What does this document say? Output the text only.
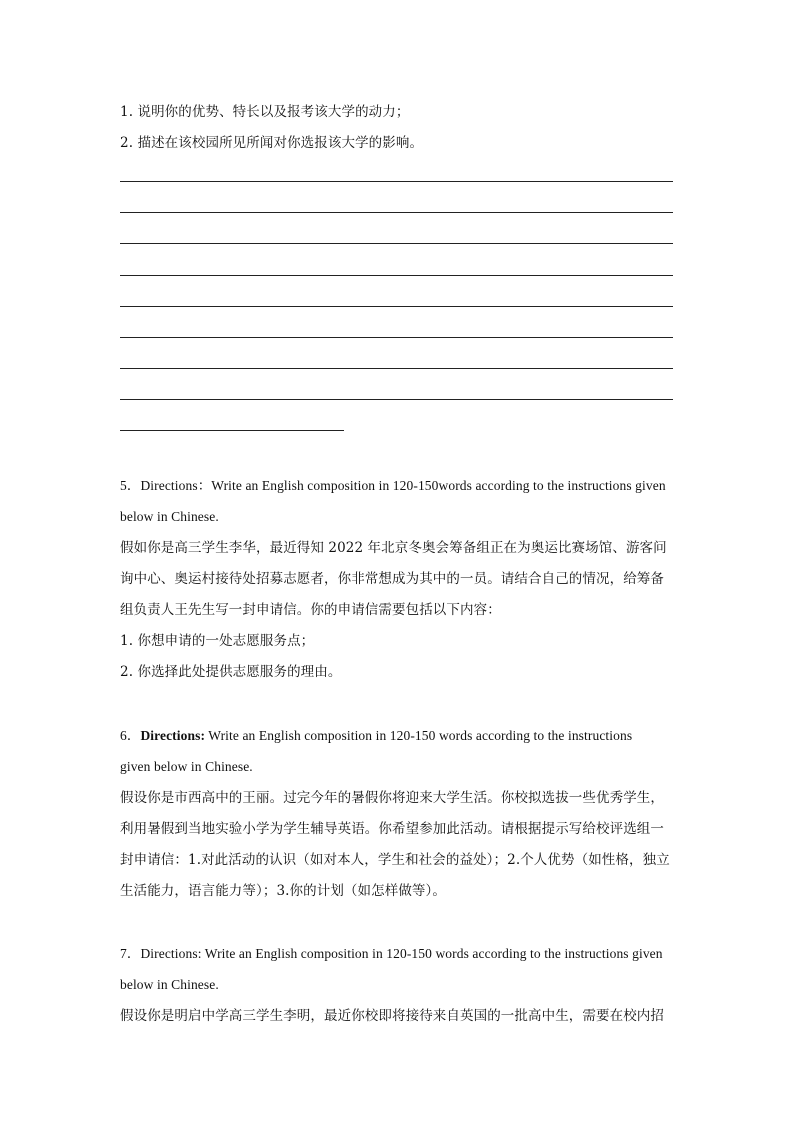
1. 说明你的优势、特长以及报考该大学的动力；
2. 描述在该校园所见所闻对你选报该大学的影响。
5．Directions：Write an English composition in 120-150words according to the instructions given
below in Chinese.
假如你是高三学生李华，最近得知 2022 年北京冬奥会筹备组正在为奥运比赛场馆、游客问
询中心、奥运村接待处招募志愿者，你非常想成为其中的一员。请结合自己的情况，给筹备
组负责人王先生写一封申请信。你的申请信需要包括以下内容：
1. 你想申请的一处志愿服务点；
2. 你选择此处提供志愿服务的理由。
6．Directions: Write an English composition in 120-150 words according to the instructions
given below in Chinese.
假设你是市西高中的王丽。过完今年的暑假你将迎来大学生活。你校拟选拔一些优秀学生，
利用暑假到当地实验小学为学生辅导英语。你希望参加此活动。请根据提示写给校评选组一
封申请信：1.对此活动的认识（如对本人，学生和社会的益处）；2.个人优势（如性格，独立
生活能力，语言能力等）；3.你的计划（如怎样做等）。
7．Directions: Write an English composition in 120-150 words according to the instructions given
below in Chinese.
假设你是明启中学高三学生李明，最近你校即将接待来自英国的一批高中生，需要在校内招
